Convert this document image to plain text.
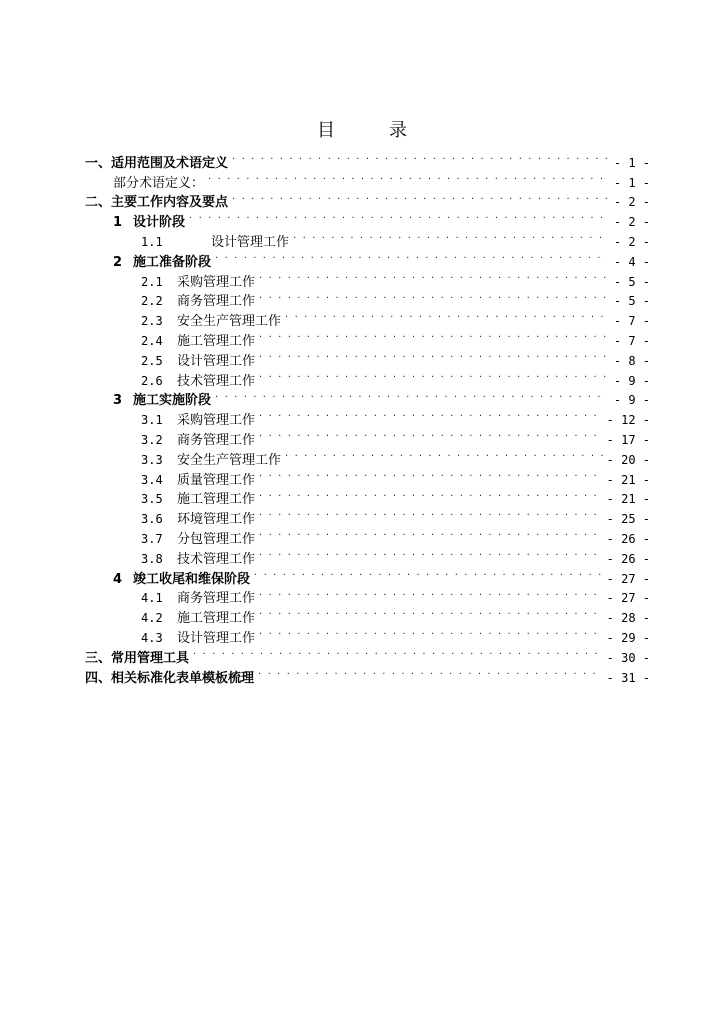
目　录
一、适用范围及术语定义 . . .	- 1 -
部分术语定义： . . .	- 1 -
二、主要工作内容及要点 . . .	- 2 -
1 设计阶段 . . .	- 2 -
1.1	设计管理工作 . . .	- 2 -
2 施工准备阶段 . . .	- 4 -
2.1 采购管理工作 . . .	- 5 -
2.2 商务管理工作 . . .	- 5 -
2.3 安全生产管理工作 . . .	- 7 -
2.4 施工管理工作 . . .	- 7 -
2.5 设计管理工作 . . .	- 8 -
2.6 技术管理工作 . . .	- 9 -
3 施工实施阶段 . . .	- 9 -
3.1 采购管理工作 . . .	- 12 -
3.2 商务管理工作 . . .	- 17 -
3.3 安全生产管理工作 . . .	- 20 -
3.4 质量管理工作 . . .	- 21 -
3.5 施工管理工作 . . .	- 21 -
3.6 环境管理工作 . . .	- 25 -
3.7 分包管理工作 . . .	- 26 -
3.8 技术管理工作 . . .	- 26 -
4 竣工收尾和维保阶段 . . .	- 27 -
4.1 商务管理工作 . . .	- 27 -
4.2 施工管理工作 . . .	- 28 -
4.3 设计管理工作 . . .	- 29 -
三、常用管理工具 . . .	- 30 -
四、相关标准化表单模板梳理 . . .	- 31 -
